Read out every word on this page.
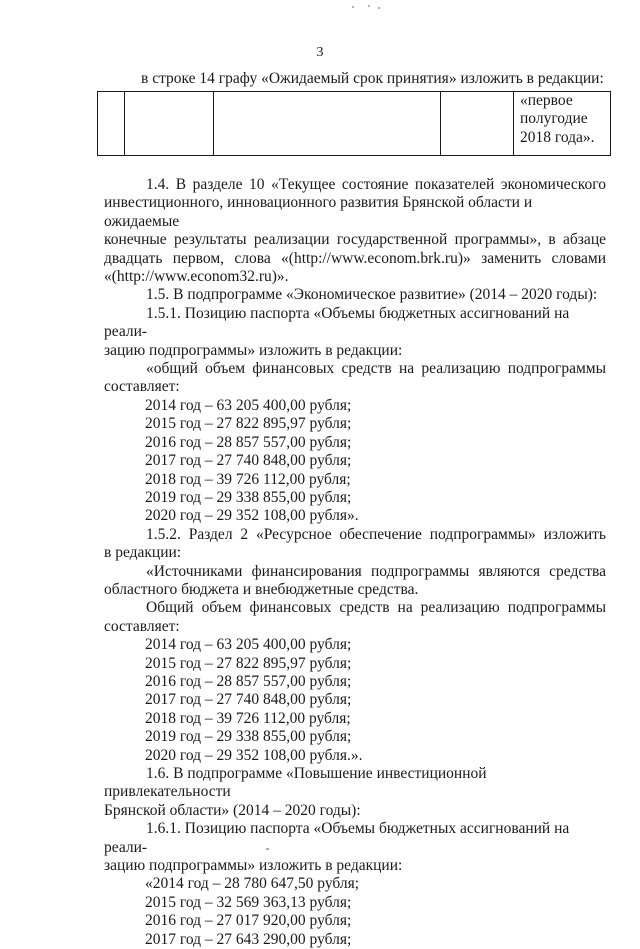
3
в строке 14 графу «Ожидаемый срок принятия» изложить в редакции:

«первое
полугодие
2018 года».

1.4. В разделе 10 «Текущее состояние показателей экономического

инвестиционного, инновационного развития Брянской области и ожидаемые

конечные результаты реализации государственной программы», в абзаце

двадцать первом, слова «(http://www.econom.brk.ru)» заменить словами

«(http://www.econom32.ru)».

1.5. В подпрограмме «Экономическое развитие» (2014 – 2020 годы):

1.5.1. Позицию паспорта «Объемы бюджетных ассигнований на реали-

зацию подпрограммы» изложить в редакции:

«общий объем финансовых средств на реализацию подпрограммы

составляет:

2014 год – 63 205 400,00 рубля;

2015 год – 27 822 895,97 рубля;

2016 год – 28 857 557,00 рубля;

2017 год – 27 740 848,00 рубля;

2018 год – 39 726 112,00 рубля;

2019 год – 29 338 855,00 рубля;

2020 год – 29 352 108,00 рубля».

1.5.2. Раздел 2 «Ресурсное обеспечение подпрограммы» изложить

в редакции:

«Источниками финансирования подпрограммы являются средства

областного бюджета и внебюджетные средства.

Общий объем финансовых средств на реализацию подпрограммы

составляет:

2014 год – 63 205 400,00 рубля;

2015 год – 27 822 895,97 рубля;

2016 год – 28 857 557,00 рубля;

2017 год – 27 740 848,00 рубля;

2018 год – 39 726 112,00 рубля;

2019 год – 29 338 855,00 рубля;

2020 год – 29 352 108,00 рубля.».

1.6. В подпрограмме «Повышение инвестиционной привлекательности

Брянской области» (2014 – 2020 годы):

1.6.1. Позицию паспорта «Объемы бюджетных ассигнований на реали-

зацию подпрограммы» изложить в редакции:

«2014 год – 28 780 647,50 рубля;

2015 год – 32 569 363,13 рубля;

2016 год – 27 017 920,00 рубля;

2017 год – 27 643 290,00 рубля;
